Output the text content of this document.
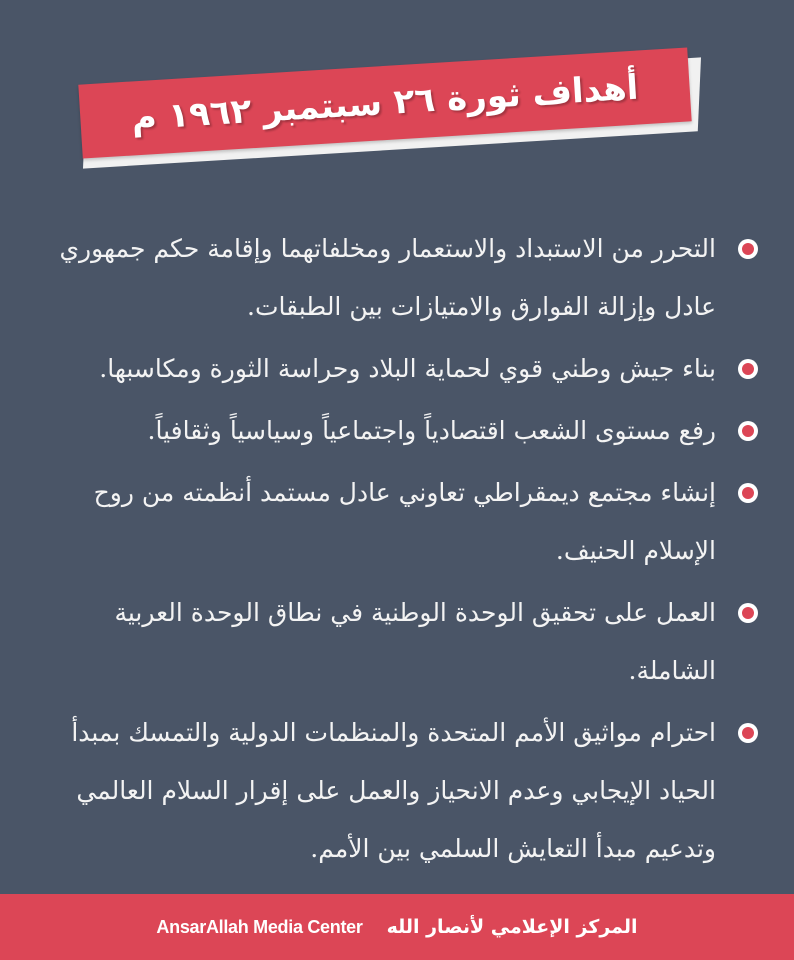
أهداف ثورة ٢٦ سبتمبر ١٩٦٢ م
التحرر من الاستبداد والاستعمار ومخلفاتهما وإقامة حكم جمهوري عادل وإزالة الفوارق والامتيازات بين الطبقات.
بناء جيش وطني قوي لحماية البلاد وحراسة الثورة ومكاسبها.
رفع مستوى الشعب اقتصادياً واجتماعياً وسياسياً وثقافياً.
إنشاء مجتمع ديمقراطي تعاوني عادل مستمد أنظمته من روح الإسلام الحنيف.
العمل على تحقيق الوحدة الوطنية في نطاق الوحدة العربية الشاملة.
احترام مواثيق الأمم المتحدة والمنظمات الدولية والتمسك بمبدأ الحياد الإيجابي وعدم الانحياز والعمل على إقرار السلام العالمي وتدعيم مبدأ التعايش السلمي بين الأمم.
AnsarAllah Media Center المركز الإعلامي لأنصار الله
